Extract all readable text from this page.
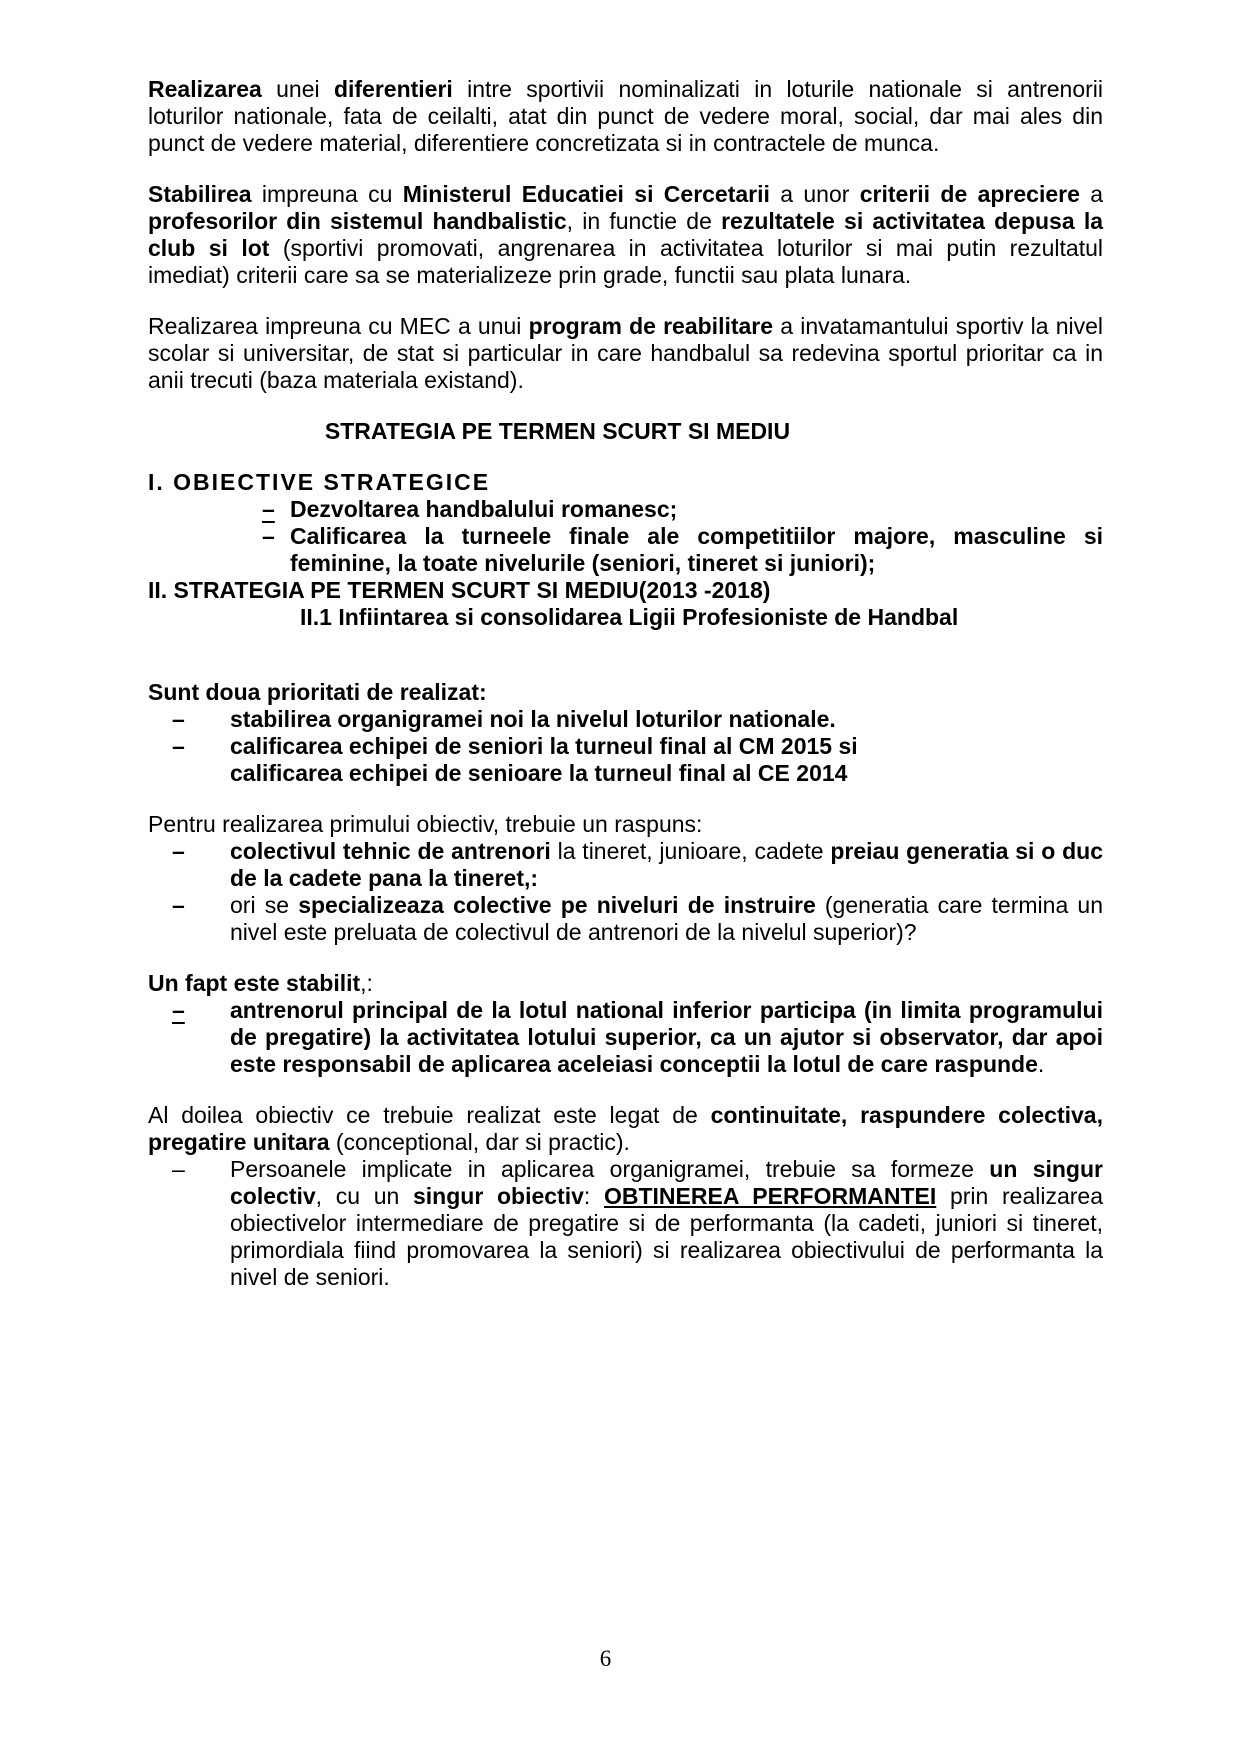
Realizarea unei diferentieri intre sportivii nominalizati in loturile nationale si antrenorii loturilor nationale, fata de ceilalti, atat din punct de vedere moral, social, dar mai ales din punct de vedere material, diferentiere concretizata si in contractele de munca.
Stabilirea impreuna cu Ministerul Educatiei si Cercetarii a unor criterii de apreciere a profesorilor din sistemul handbalistic, in functie de rezultatele si activitatea depusa la club si lot (sportivi promovati, angrenarea in activitatea loturilor si mai putin rezultatul imediat) criterii care sa se materializeze prin grade, functii sau plata lunara.
Realizarea impreuna cu MEC a unui program de reabilitare a invatamantului sportiv la nivel scolar si universitar, de stat si particular in care handbalul sa redevina sportul prioritar ca in anii trecuti (baza materiala existand).
STRATEGIA PE TERMEN SCURT SI MEDIU
I. OBIECTIVE STRATEGICE
– Dezvoltarea handbalului romanesc;
– Calificarea la turneele finale ale competitiilor majore, masculine si feminine, la toate nivelurile (seniori, tineret si juniori);
II. STRATEGIA PE TERMEN SCURT SI MEDIU(2013 -2018)
II.1 Infiintarea si consolidarea Ligii Profesioniste de Handbal
Sunt doua prioritati de realizat:
– stabilirea organigramei noi la nivelul loturilor nationale.
– calificarea echipei de seniori la turneul final al CM 2015 si
calificarea echipei de senioare la turneul final al CE 2014
Pentru realizarea primului obiectiv, trebuie un raspuns:
– colectivul tehnic de antrenori la tineret, junioare, cadete preiau generatia si o duc de la cadete pana la tineret,:
– ori se specializeaza colective pe niveluri de instruire (generatia care termina un nivel este preluata de colectivul de antrenori de la nivelul superior)?
Un fapt este stabilit,:
– antrenorul principal de la lotul national inferior participa (in limita programului de pregatire) la activitatea lotului superior, ca un ajutor si observator, dar apoi este responsabil de aplicarea aceleiasi conceptii la lotul de care raspunde.
Al doilea obiectiv ce trebuie realizat este legat de continuitate, raspundere colectiva, pregatire unitara (conceptional, dar si practic).
– Persoanele implicate in aplicarea organigramei, trebuie sa formeze un singur colectiv, cu un singur obiectiv: OBTINEREA PERFORMANTEI prin realizarea obiectivelor intermediare de pregatire si de performanta (la cadeti, juniori si tineret, primordiala fiind promovarea la seniori) si realizarea obiectivului de performanta la nivel de seniori.
6
